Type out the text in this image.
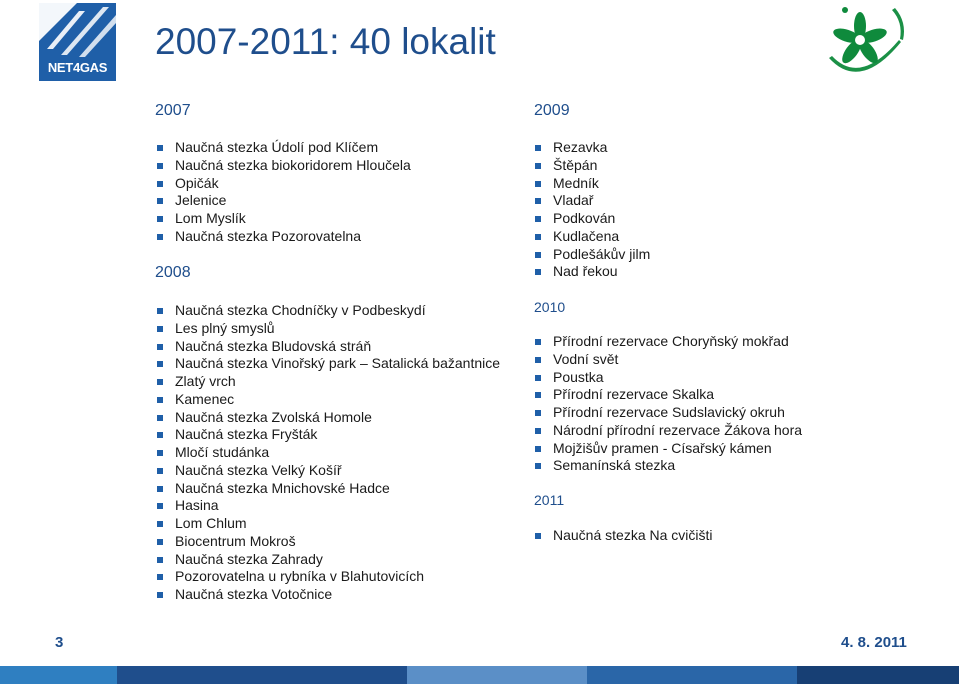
NET4GAS
2007-2011: 40 lokalit
2007
Naučná stezka Údolí pod Klíčem
Naučná stezka biokoridorem Hloučela
Opičák
Jelenice
Lom Myslík
Naučná stezka Pozorovatelna
2008
Naučná stezka Chodníčky v Podbeskydí
Les plný smyslů
Naučná stezka Bludovská stráň
Naučná stezka Vinořský park – Satalická bažantnice
Zlatý vrch
Kamenec
Naučná stezka Zvolská Homole
Naučná stezka Fryšták
Mločí studánka
Naučná stezka Velký Košíř
Naučná stezka Mnichovské Hadce
Hasina
Lom Chlum
Biocentrum Mokroš
Naučná stezka Zahrady
Pozorovatelna u rybníka v Blahutovicích
Naučná stezka Votočnice
2009
Rezavka
Štěpán
Medník
Vladař
Podkován
Kudlačena
Podlešákův jilm
Nad řekou
2010
Přírodní rezervace Choryňský mokřad
Vodní svět
Poustka
Přírodní rezervace Skalka
Přírodní rezervace Sudslavický okruh
Národní přírodní rezervace Žákova hora
Mojžišův pramen - Císařský kámen
Semanínská stezka
2011
Naučná stezka Na cvičišti
3	4. 8. 2011
